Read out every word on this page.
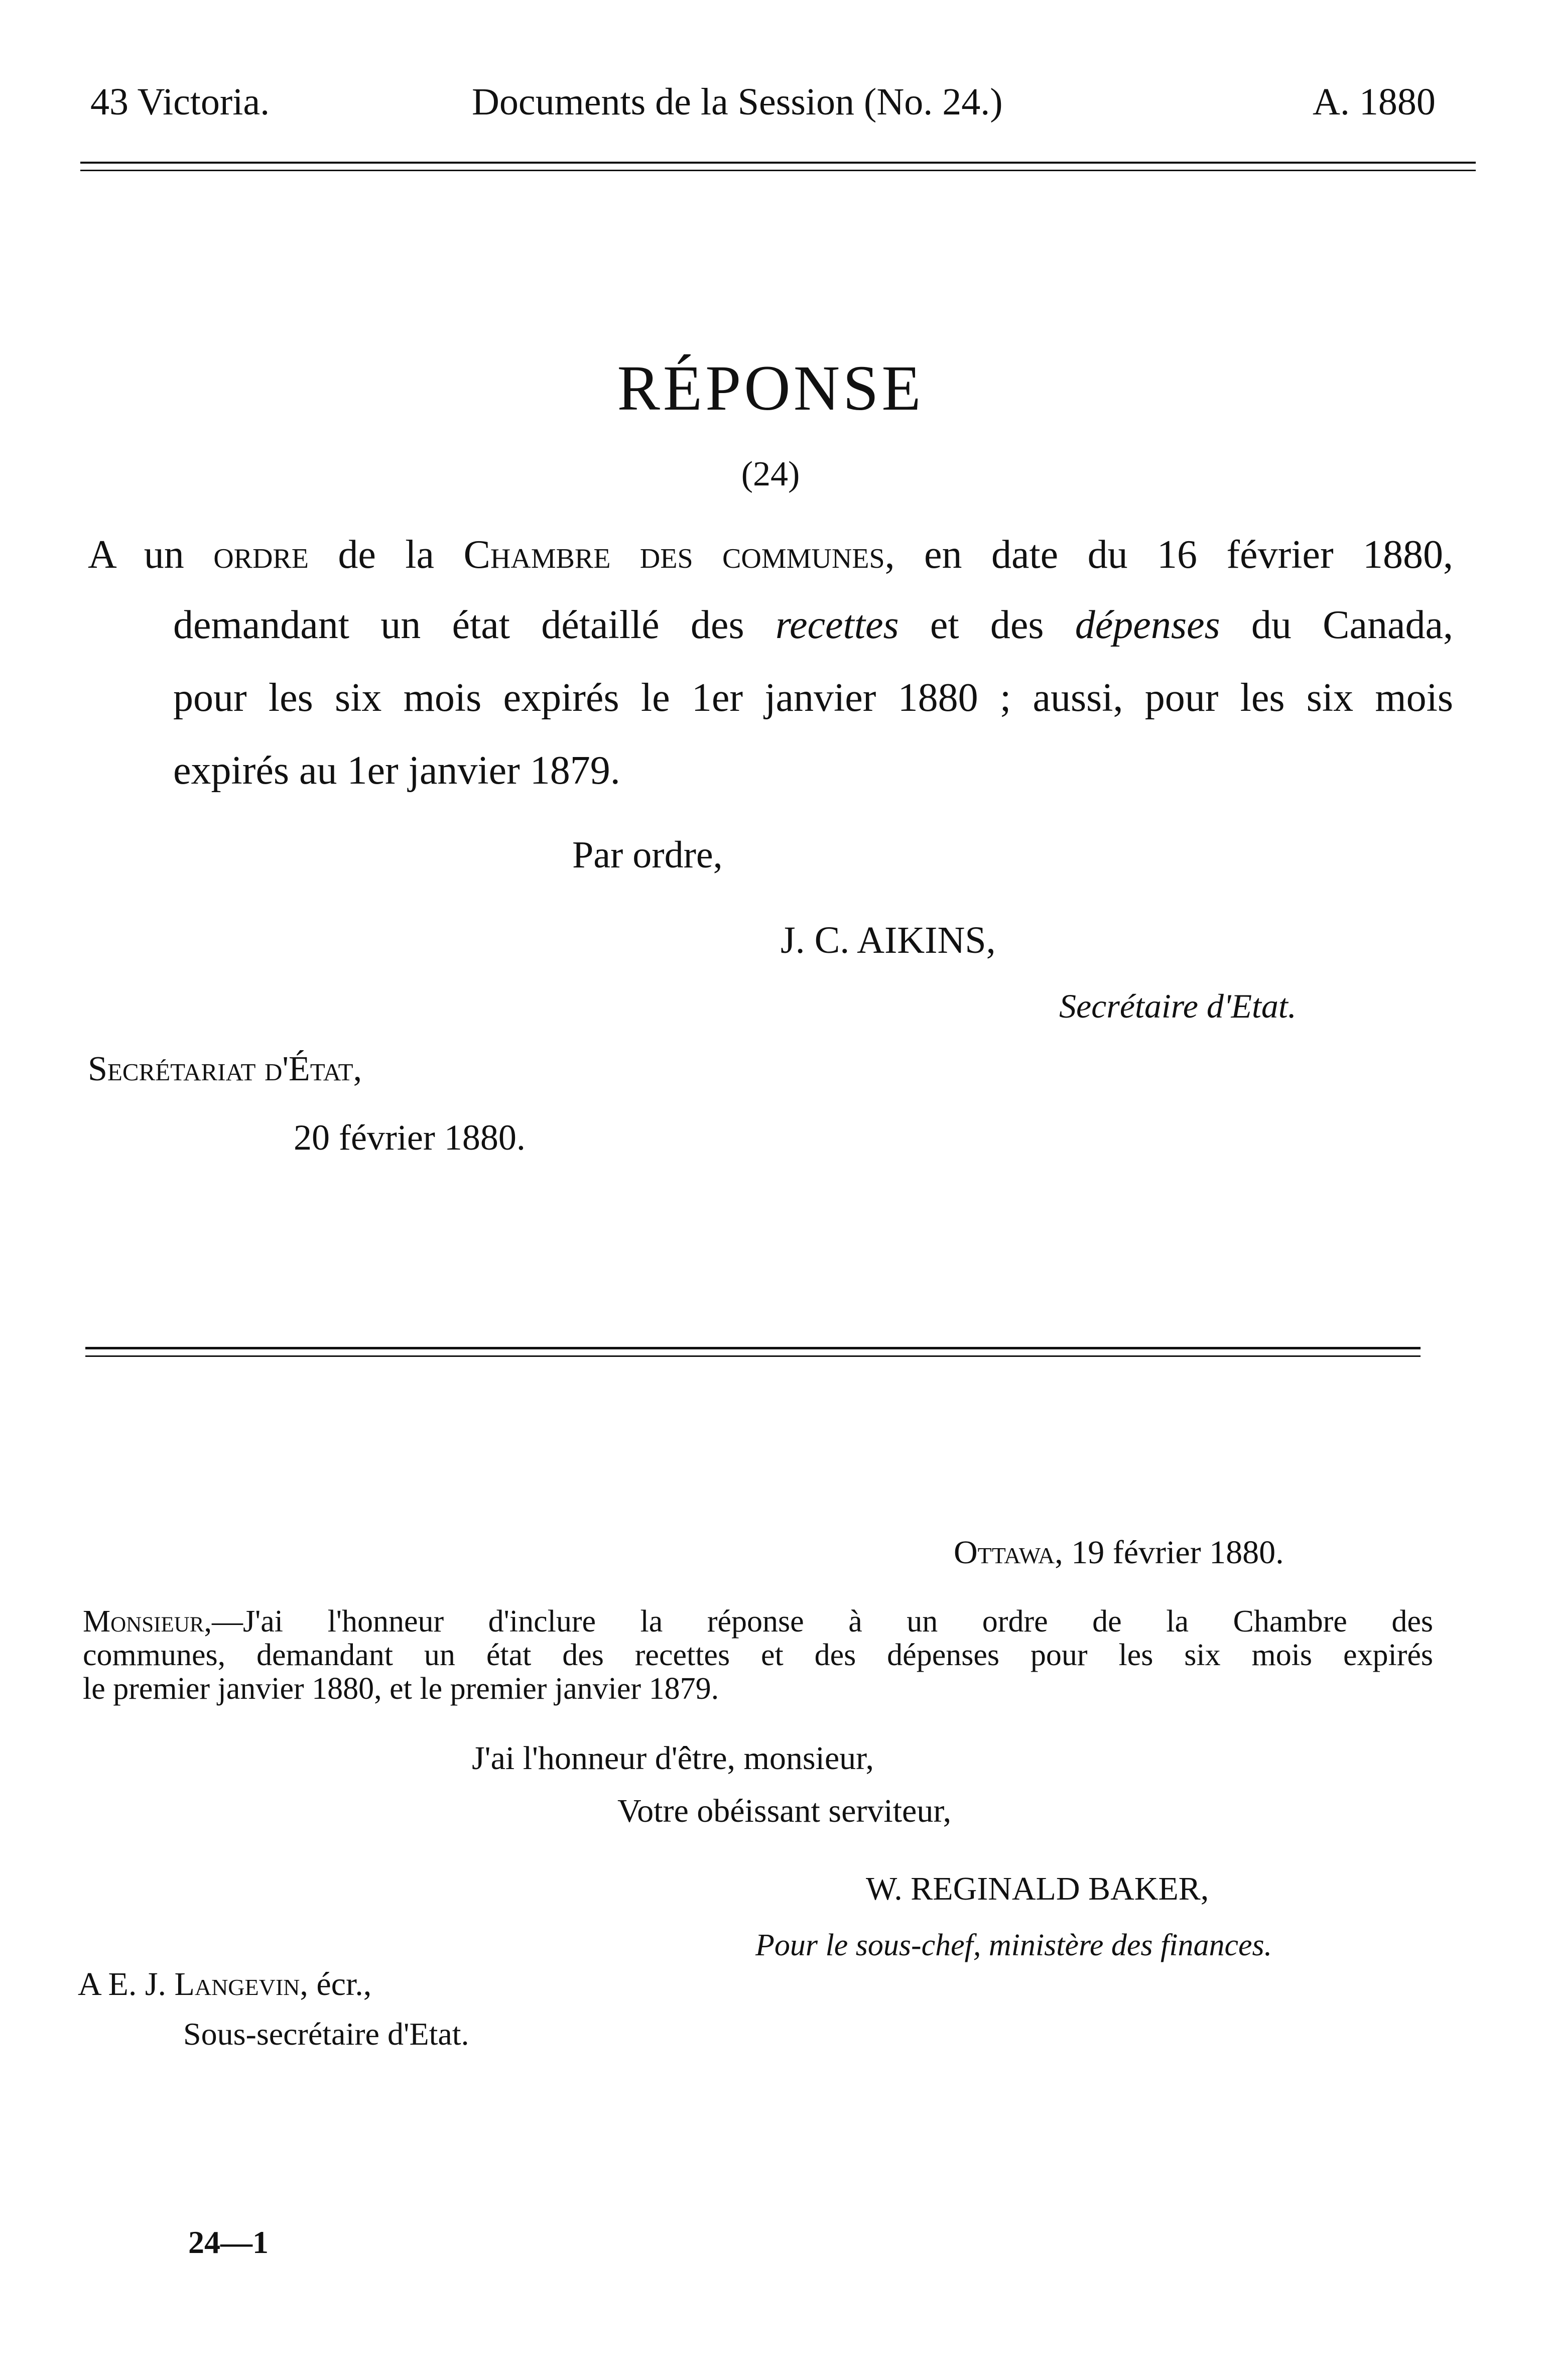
43 Victoria.	Documents de la Session (No. 24.)	A. 1880
RÉPONSE
(24)
A un ordre de la Chambre des communes, en date du 16 février 1880,
demandant un état détaillé des recettes et des dépenses du Canada,
pour les six mois expirés le 1er janvier 1880 ; aussi, pour les six mois
expirés au 1er janvier 1879.
Par ordre,
J. C. AIKINS,
Secrétaire d'Etat.
Secrétariat d'État,
20 février 1880.
Ottawa, 19 février 1880.
Monsieur,—J'ai l'honneur d'inclure la réponse à un ordre de la Chambre des
communes, demandant un état des recettes et des dépenses pour les six mois expirés
le premier janvier 1880, et le premier janvier 1879.
J'ai l'honneur d'être, monsieur,
Votre obéissant serviteur,
W. REGINALD BAKER,
Pour le sous-chef, ministère des finances.
A E. J. Langevin, écr.,
Sous-secrétaire d'Etat.
24—1
